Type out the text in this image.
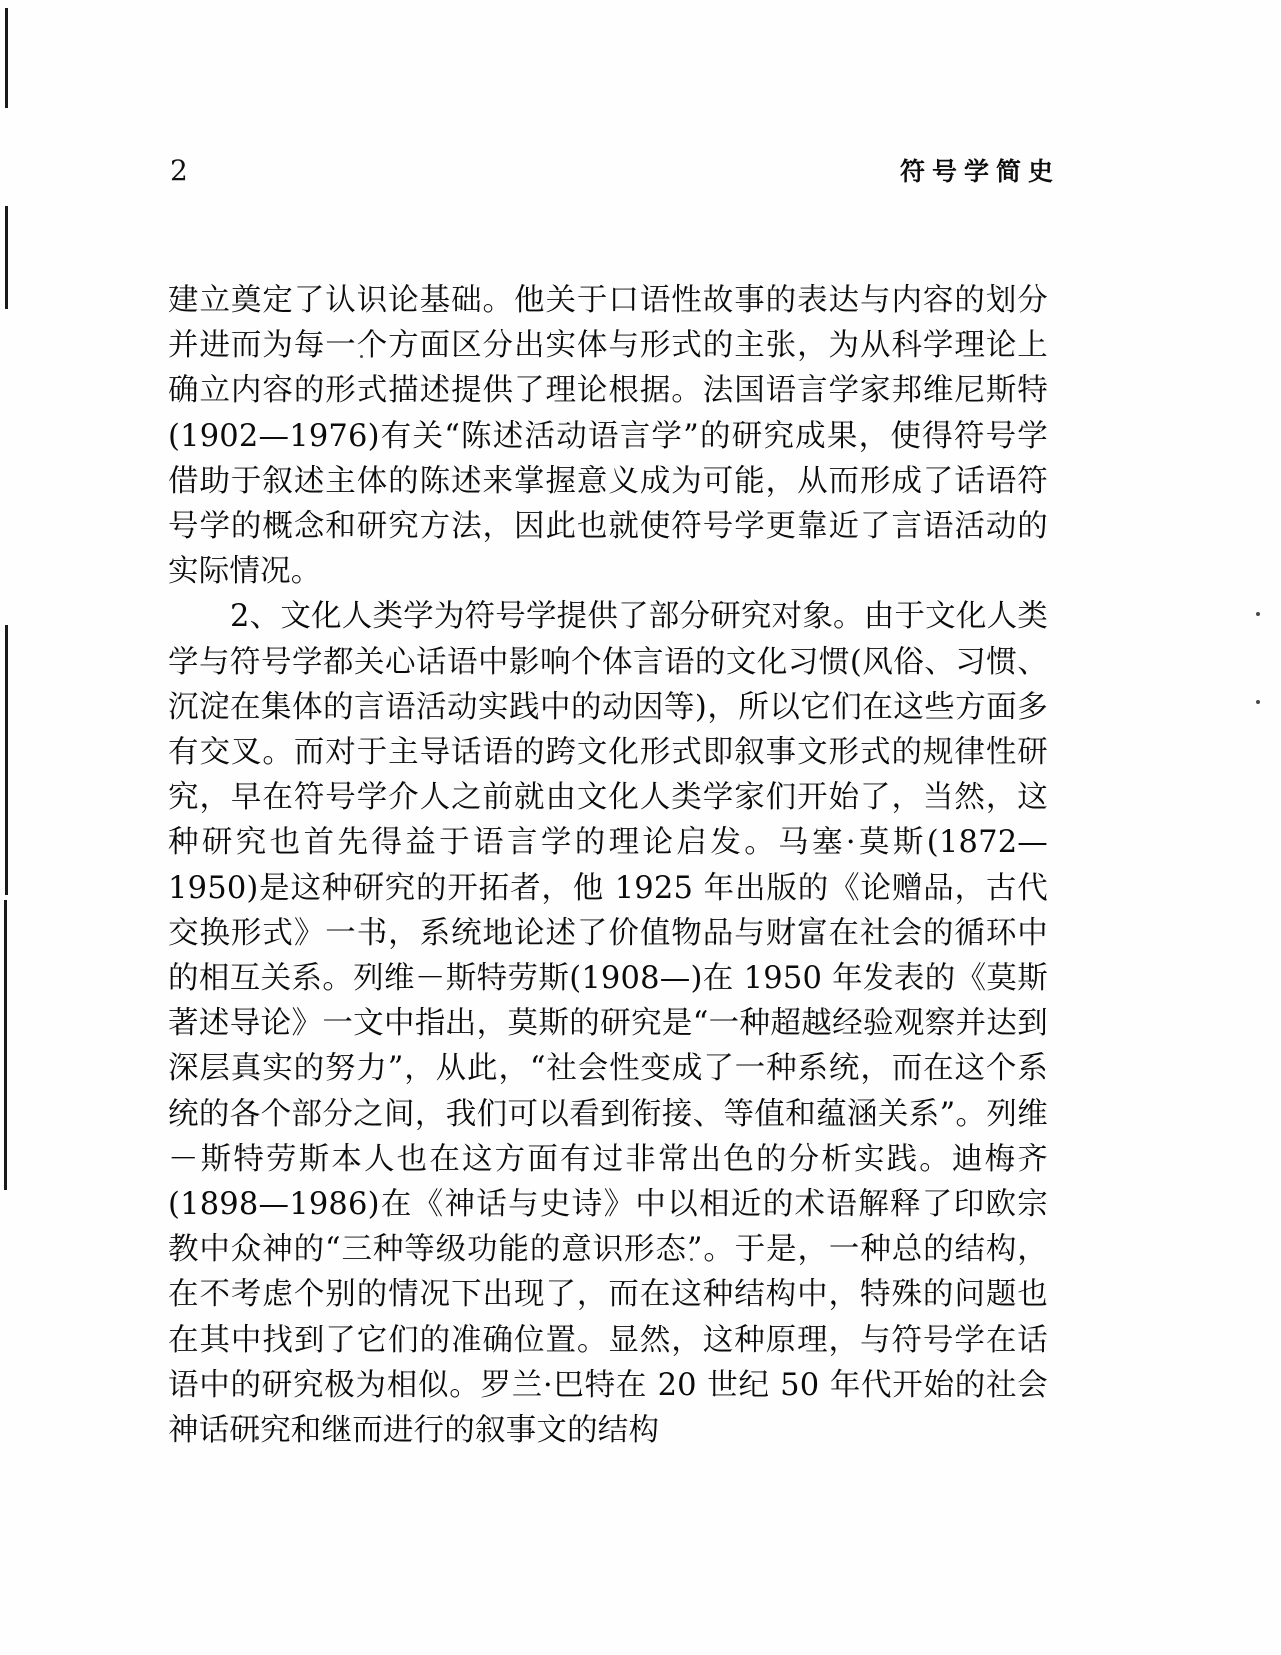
2	符号学简史

建立奠定了认识论基础。他关于口语性故事的表达与内容的划分并进而为每一个方面区分出实体与形式的主张，为从科学理论上确立内容的形式描述提供了理论根据。法国语言学家邦维尼斯特(1902—1976)有关“陈述活动语言学”的研究成果，使得符号学借助于叙述主体的陈述来掌握意义成为可能，从而形成了话语符号学的概念和研究方法，因此也就使符号学更靠近了言语活动的实际情况。

2、文化人类学为符号学提供了部分研究对象。由于文化人类学与符号学都关心话语中影响个体言语的文化习惯(风俗、习惯、沉淀在集体的言语活动实践中的动因等)，所以它们在这些方面多有交叉。而对于主导话语的跨文化形式即叙事文形式的规律性研究，早在符号学介人之前就由文化人类学家们开始了，当然，这种研究也首先得益于语言学的理论启发。马塞·莫斯(1872—1950)是这种研究的开拓者，他 1925 年出版的《论赠品，古代交换形式》一书，系统地论述了价值物品与财富在社会的循环中的相互关系。列维－斯特劳斯(1908—)在 1950 年发表的《莫斯著述导论》一文中指出，莫斯的研究是“一种超越经验观察并达到深层真实的努力”，从此，“社会性变成了一种系统，而在这个系统的各个部分之间，我们可以看到衔接、等值和蕴涵关系”。列维－斯特劳斯本人也在这方面有过非常出色的分析实践。迪梅齐(1898—1986)在《神话与史诗》中以相近的术语解释了印欧宗教中众神的“三种等级功能的意识形态”。于是，一种总的结构，在不考虑个别的情况下出现了，而在这种结构中，特殊的问题也在其中找到了它们的准确位置。显然，这种原理，与符号学在话语中的研究极为相似。罗兰·巴特在 20 世纪 50 年代开始的社会神话研究和继而进行的叙事文的结构
